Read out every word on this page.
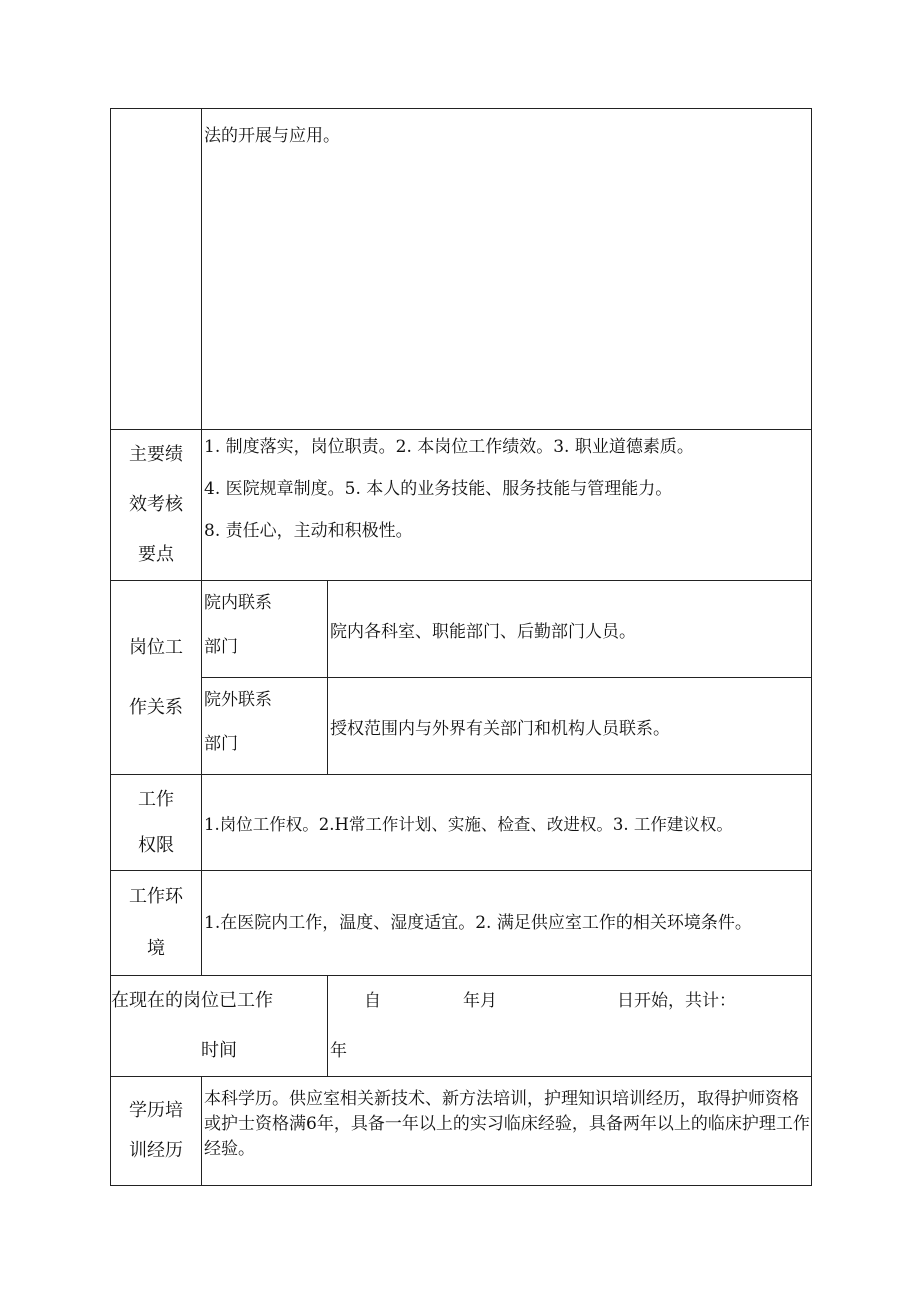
	法的开展与应用。	

主要绩
效考核
要点	1. 制度落实，岗位职责。2. 本岗位工作绩效。3. 职业道德素质。
4. 医院规章制度。5. 本人的业务技能、服务技能与管理能力。
8. 责任心，主动和积极性。	

岗位工
作关系	院内联系
部门	院内各科室、职能部门、后勤部门人员。

	院外联系
部门	授权范围内与外界有关部门和机构人员联系。

工作
权限	1.岗位工作权。2.H常工作计划、实施、检查、改进权。3. 工作建议权。	

工作环
境	1.在医院内工作，温度、湿度适宜。2. 满足供应室工作的相关环境条件。	

在现在的岗位已工作
时间		自 年月 日开始，共计：
年

学历培
训经历	本科学历。供应室相关新技术、新方法培训，护理知识培训经历，取得护师资格或护士资格满6年，具备一年以上的实习临床经验，具备两年以上的临床护理工作经验。	
